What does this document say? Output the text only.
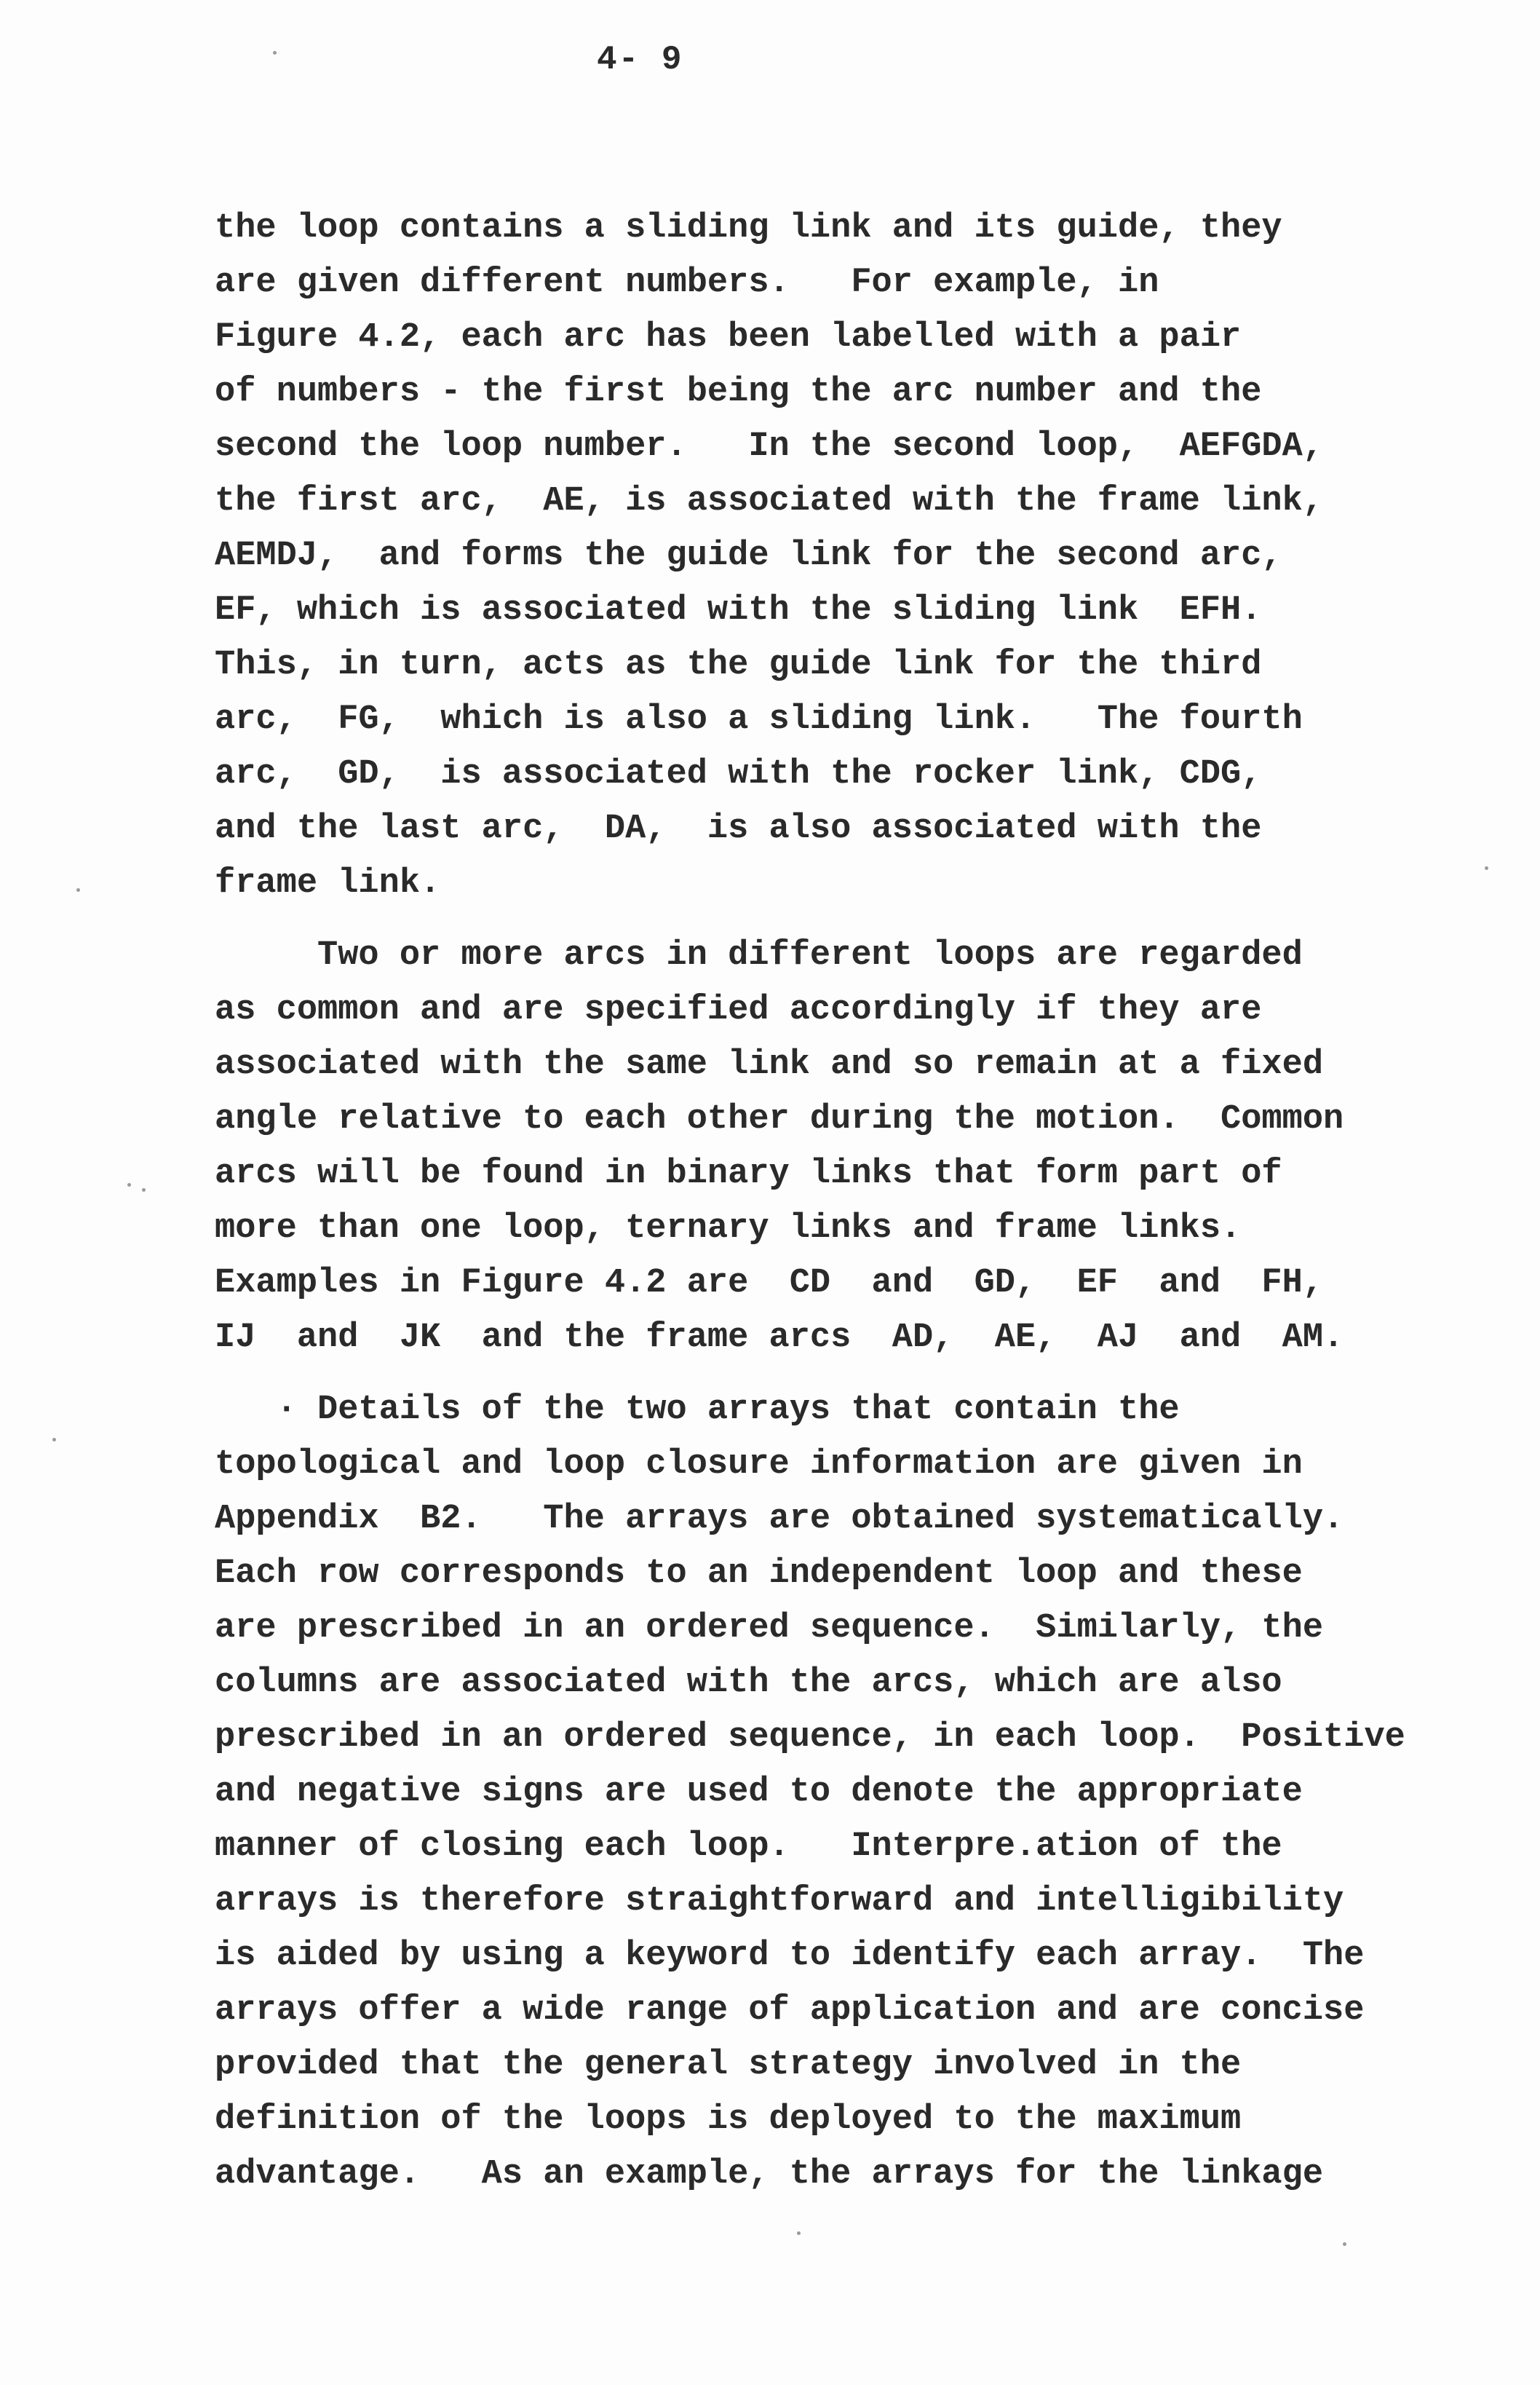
4- 9
the loop contains a sliding link and its guide, they
are given different numbers.   For example, in
Figure 4.2, each arc has been labelled with a pair
of numbers - the first being the arc number and the
second the loop number.   In the second loop,  AEFGDA,
the first arc,  AE, is associated with the frame link,
AEMDJ,  and forms the guide link for the second arc,
EF, which is associated with the sliding link  EFH.
This, in turn, acts as the guide link for the third
arc,  FG,  which is also a sliding link.   The fourth
arc,  GD,  is associated with the rocker link, CDG,
and the last arc,  DA,  is also associated with the
frame link.
Two or more arcs in different loops are regarded
as common and are specified accordingly if they are
associated with the same link and so remain at a fixed
angle relative to each other during the motion.  Common
arcs will be found in binary links that form part of
more than one loop, ternary links and frame links.
Examples in Figure 4.2 are  CD  and  GD,  EF  and  FH,
IJ  and  JK  and the frame arcs  AD,  AE,  AJ  and  AM.
· Details of the two arrays that contain the
topological and loop closure information are given in
Appendix  B2.   The arrays are obtained systematically.
Each row corresponds to an independent loop and these
are prescribed in an ordered sequence.  Similarly, the
columns are associated with the arcs, which are also
prescribed in an ordered sequence, in each loop.  Positive
and negative signs are used to denote the appropriate
manner of closing each loop.   Interpre.ation of the
arrays is therefore straightforward and intelligibility
is aided by using a keyword to identify each array.  The
arrays offer a wide range of application and are concise
provided that the general strategy involved in the
definition of the loops is deployed to the maximum
advantage.   As an example, the arrays for the linkage
